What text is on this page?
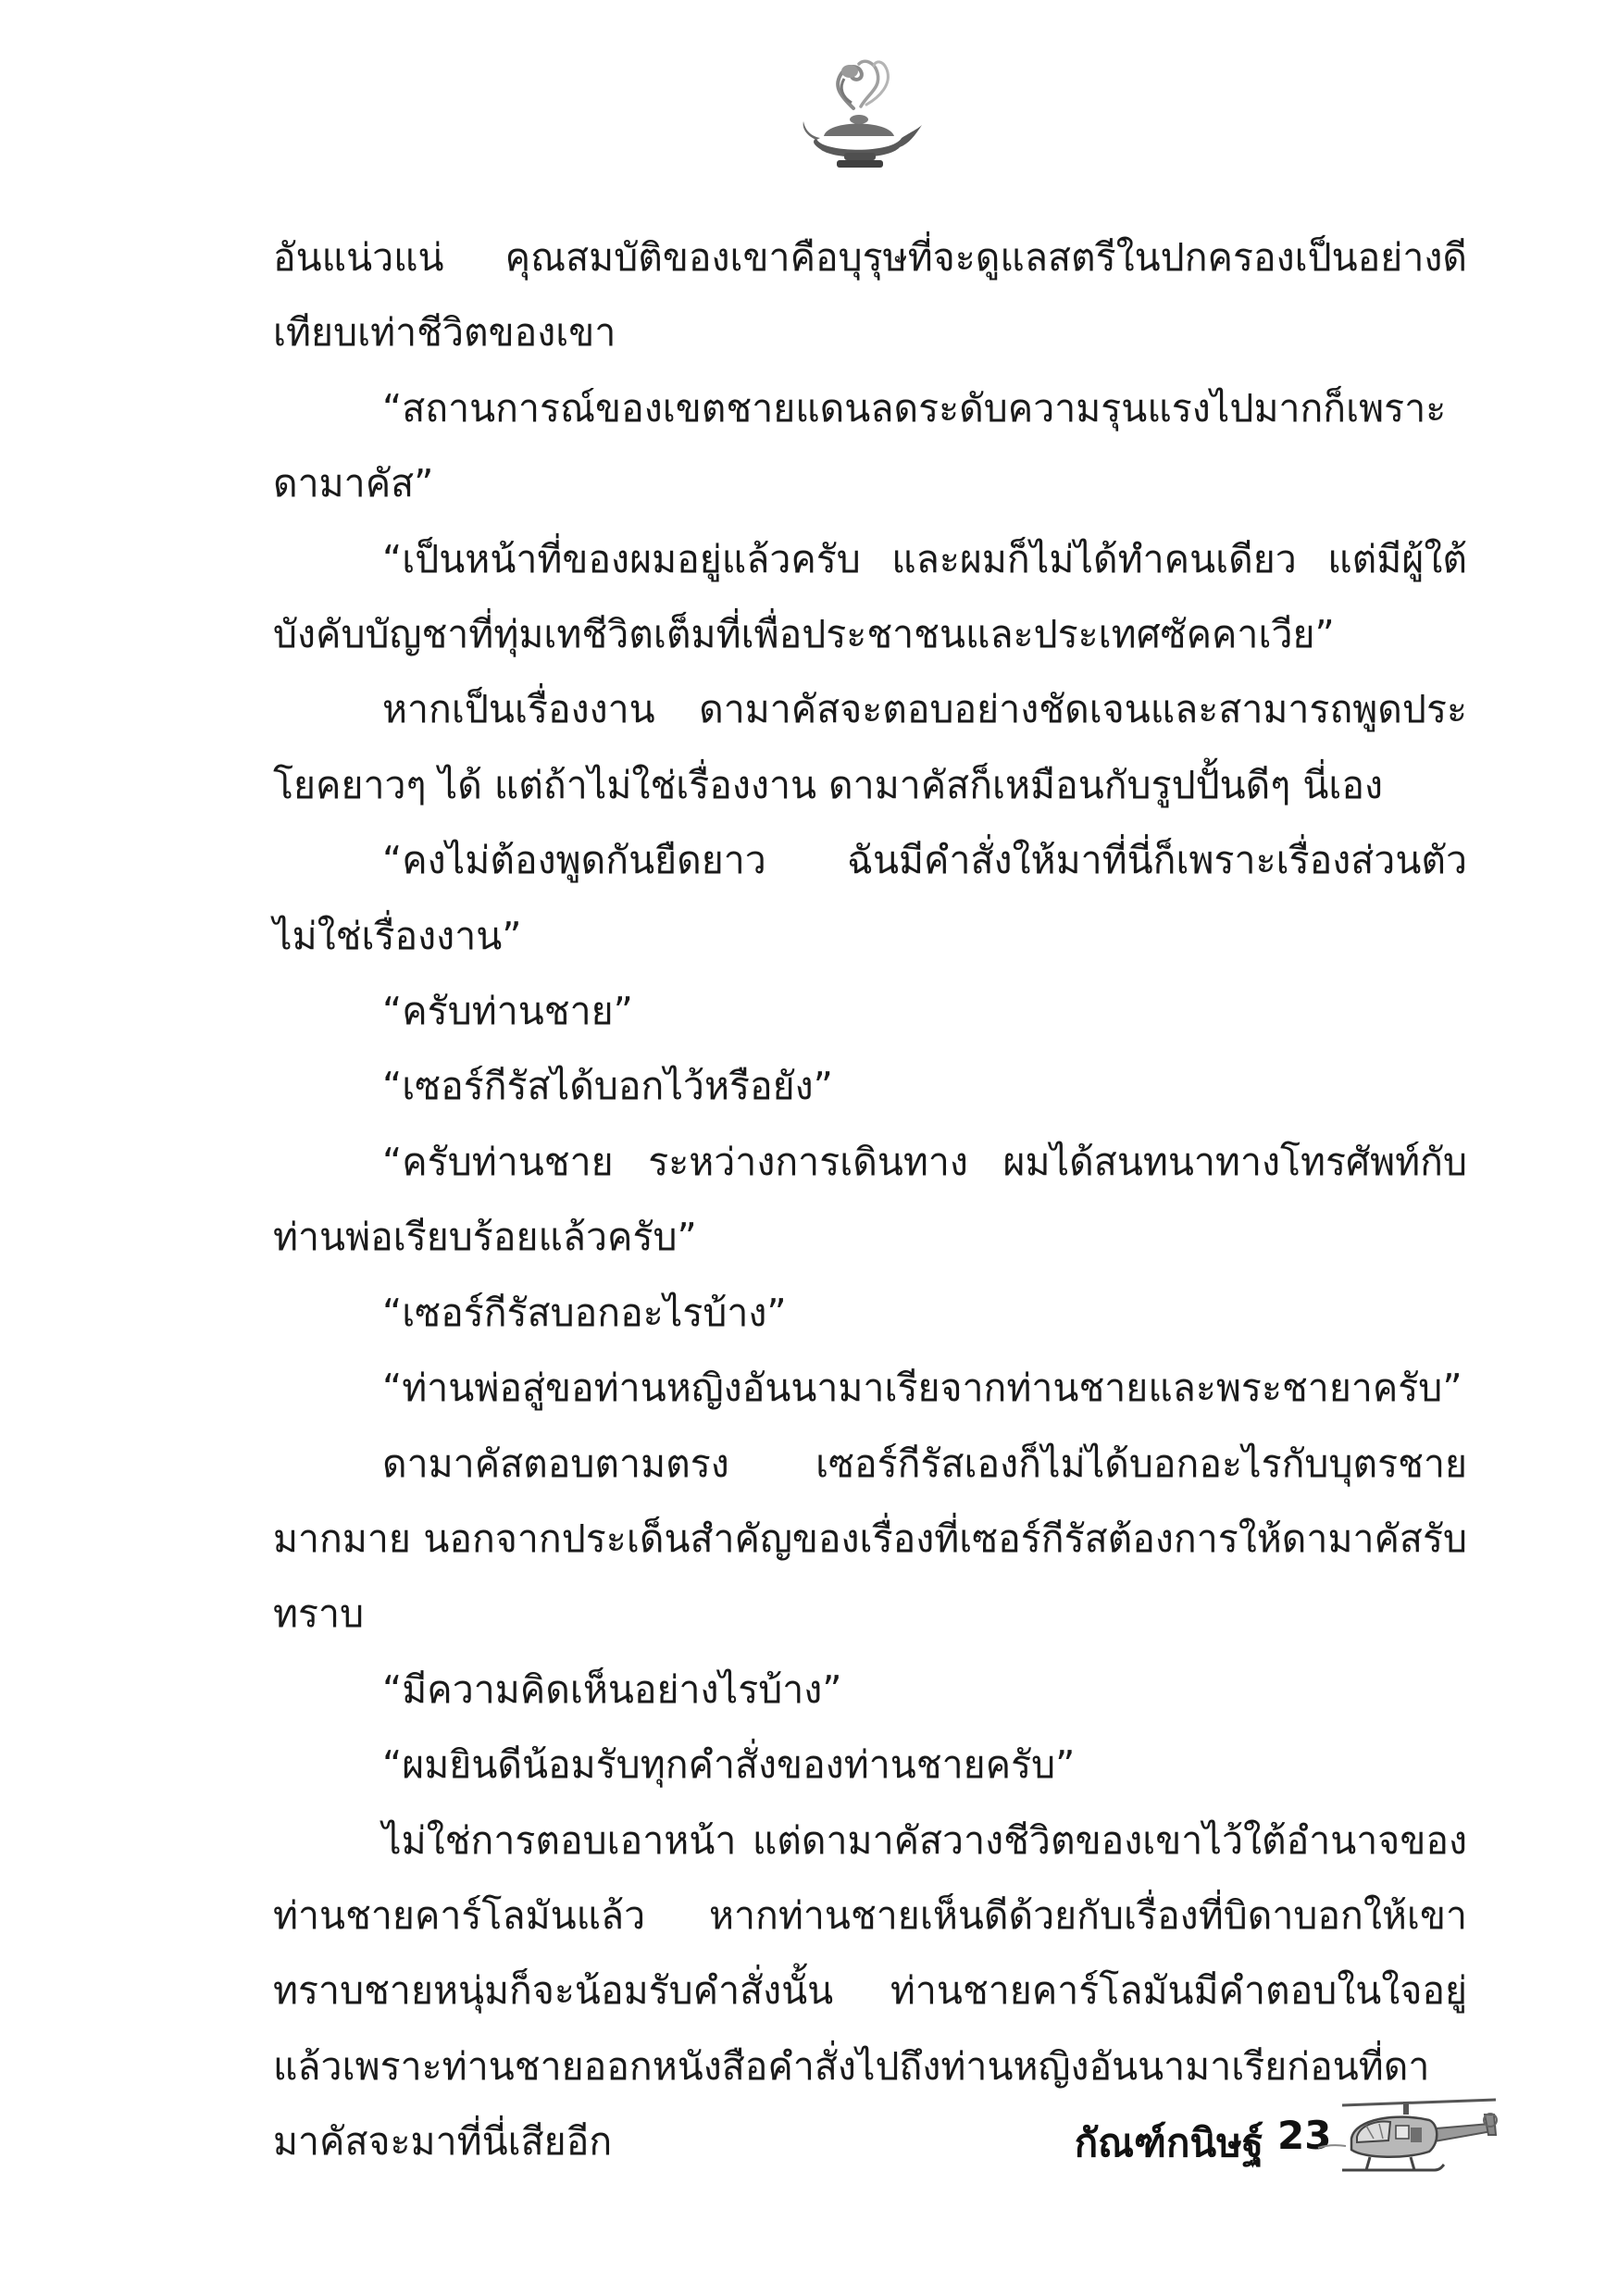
อันแน่วแน่ คุณสมบัติของเขาคือบุรุษที่จะดูแลสตรีในปกครองเป็นอย่างดีเทียบเท่าชีวิตของเขา

“สถานการณ์ของเขตชายแดนลดระดับความรุนแรงไปมากก็เพราะดามาคัส”

“เป็นหน้าที่ของผมอยู่แล้วครับ และผมก็ไม่ได้ทำคนเดียว แต่มีผู้ใต้บังคับบัญชาที่ทุ่มเทชีวิตเต็มที่เพื่อประชาชนและประเทศซัคคาเวีย”

หากเป็นเรื่องงาน ดามาคัสจะตอบอย่างชัดเจนและสามารถพูดประโยคยาวๆ ได้ แต่ถ้าไม่ใช่เรื่องงาน ดามาคัสก็เหมือนกับรูปปั้นดีๆ นี่เอง

“คงไม่ต้องพูดกันยืดยาว ฉันมีคำสั่งให้มาที่นี่ก็เพราะเรื่องส่วนตัวไม่ใช่เรื่องงาน”

“ครับท่านชาย”

“เซอร์กีรัสได้บอกไว้หรือยัง”

“ครับท่านชาย ระหว่างการเดินทาง ผมได้สนทนาทางโทรศัพท์กับท่านพ่อเรียบร้อยแล้วครับ”

“เซอร์กีรัสบอกอะไรบ้าง”

“ท่านพ่อสู่ขอท่านหญิงอันนามาเรียจากท่านชายและพระชายาครับ”

ดามาคัสตอบตามตรง เซอร์กีรัสเองก็ไม่ได้บอกอะไรกับบุตรชายมากมาย นอกจากประเด็นสำคัญของเรื่องที่เซอร์กีรัสต้องการให้ดามาคัสรับทราบ

“มีความคิดเห็นอย่างไรบ้าง”

“ผมยินดีน้อมรับทุกคำสั่งของท่านชายครับ”

ไม่ใช่การตอบเอาหน้า แต่ดามาคัสวางชีวิตของเขาไว้ใต้อำนาจของท่านชายคาร์โลมันแล้ว หากท่านชายเห็นดีด้วยกับเรื่องที่บิดาบอกให้เขาทราบชายหนุ่มก็จะน้อมรับคำสั่งนั้น ท่านชายคาร์โลมันมีคำตอบในใจอยู่แล้วเพราะท่านชายออกหนังสือคำสั่งไปถึงท่านหญิงอันนามาเรียก่อนที่ดามาคัสจะมาที่นี่เสียอีก	กัณฑ์กนิษฐ์ 23
